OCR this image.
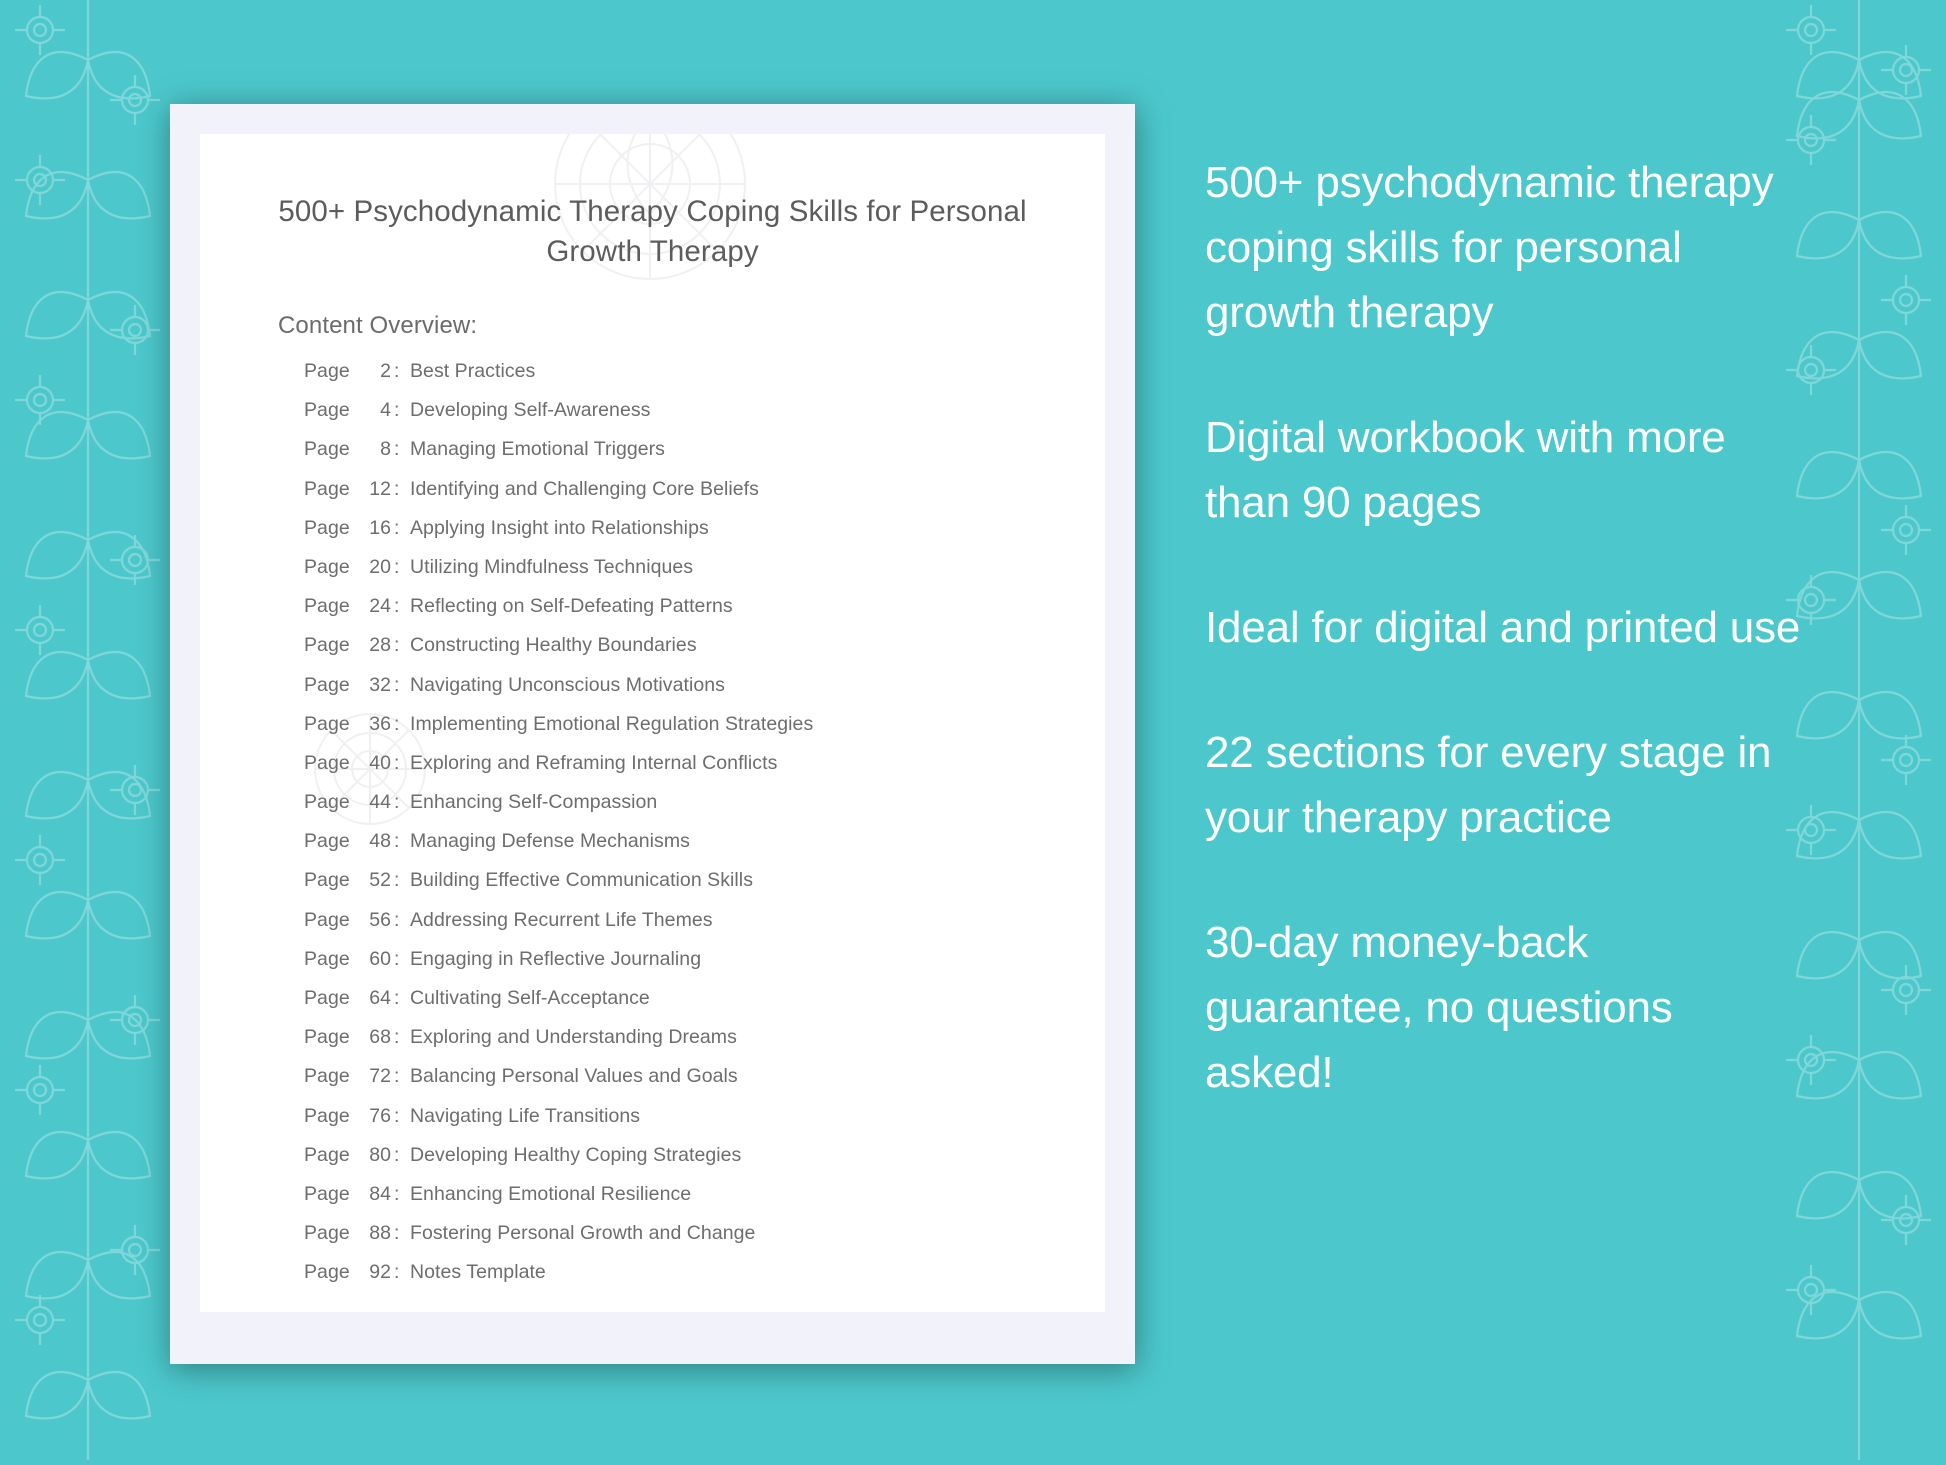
500+ Psychodynamic Therapy Coping Skills for Personal Growth Therapy
Content Overview:
Page	2 : Best Practices
Page	4 : Developing Self-Awareness
Page	8 : Managing Emotional Triggers
Page 12 : Identifying and Challenging Core Beliefs
Page 16 : Applying Insight into Relationships
Page 20 : Utilizing Mindfulness Techniques
Page 24 : Reflecting on Self-Defeating Patterns
Page 28 : Constructing Healthy Boundaries
Page 32 : Navigating Unconscious Motivations
Page 36 : Implementing Emotional Regulation Strategies
Page 40 : Exploring and Reframing Internal Conflicts
Page 44 : Enhancing Self-Compassion
Page 48 : Managing Defense Mechanisms
Page 52 : Building Effective Communication Skills
Page 56 : Addressing Recurrent Life Themes
Page 60 : Engaging in Reflective Journaling
Page 64 : Cultivating Self-Acceptance
Page 68 : Exploring and Understanding Dreams
Page 72 : Balancing Personal Values and Goals
Page 76 : Navigating Life Transitions
Page 80 : Developing Healthy Coping Strategies
Page 84 : Enhancing Emotional Resilience
Page 88 : Fostering Personal Growth and Change
Page 92 : Notes Template
500+ psychodynamic therapy coping skills for personal growth therapy
Digital workbook with more than 90 pages
Ideal for digital and printed use
22 sections for every stage in your therapy practice
30-day money-back guarantee, no questions asked!
